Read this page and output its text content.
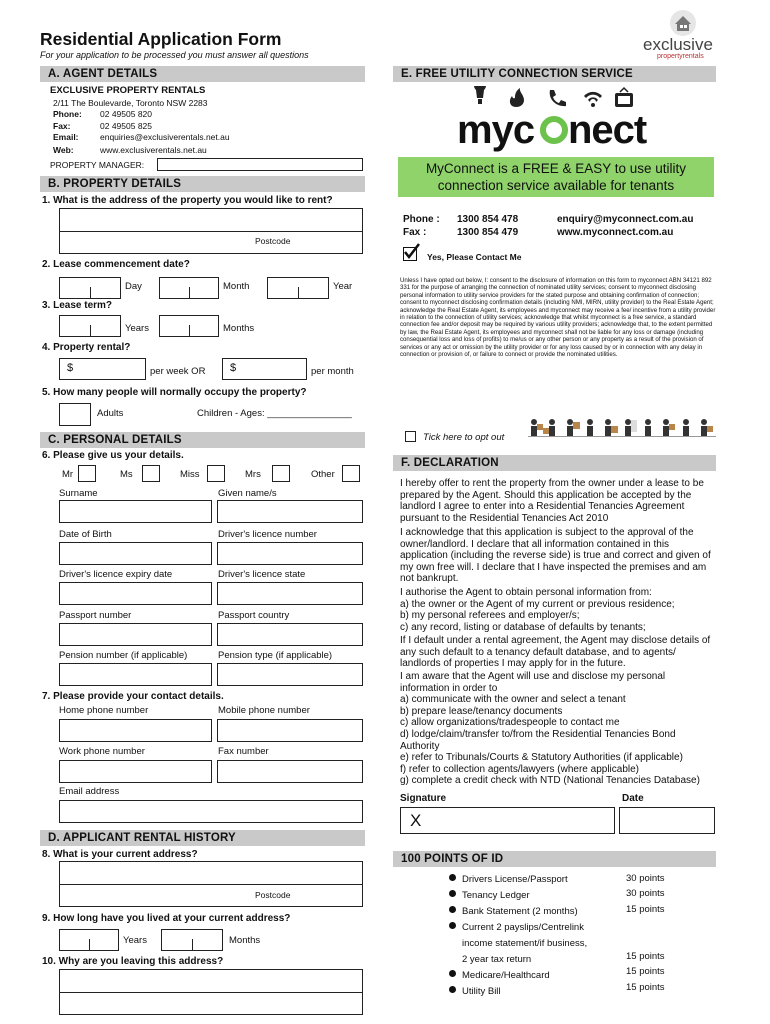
Residential Application Form
For your application to be processed you must answer all questions
exclusive
propertyrentals
A. AGENT DETAILS
EXCLUSIVE PROPERTY RENTALS
2/11 The Boulevarde, Toronto NSW 2283
Phone: 02 49505 820
Fax:	02 49505 825
Email:	enquiries@exclusiverentals.net.au
Web:	www.exclusiverentals.net.au
PROPERTY MANAGER:
B. PROPERTY DETAILS
1. What is the address of the property you would like to rent?
Postcode
2. Lease commencement date?
Day	Month	Year
3. Lease term?
Years	Months
4. Property rental?
$	per week OR $	per month
5. How many people will normally occupy the property?
Adults	Children - Ages: ________________
C. PERSONAL DETAILS
6. Please give us your details.
Mr	Ms	Miss	Mrs	Other
Surname	Given name/s
Date of Birth	Driver's licence number
Driver's licence expiry date	Driver's licence state
Passport number	Passport country
Pension number (if applicable)	Pension type (if applicable)
7. Please provide your contact details.
Home phone number	Mobile phone number
Work phone number	Fax number
Email address
D. APPLICANT RENTAL HISTORY
8. What is your current address?
Postcode
9. How long have you lived at your current address?
Years	Months
10. Why are you leaving this address?
E. FREE UTILITY CONNECTION SERVICE
myc nect
MyConnect is a FREE & EASY to use utility connection service available for tenants
Phone : 1300 854 478	enquiry@myconnect.com.au
Fax :	1300 854 479	www.myconnect.com.au
Yes, Please Contact Me
Unless I have opted out below, I: consent to the disclosure of information on this form to myconnect ABN 34121 892 331 for the purpose of arranging the connection of nominated utility services; consent to myconnect disclosing personal information to utility service providers for the stated purpose and obtaining confirmation of connection; consent to myconnect disclosing confirmation details (including NMI, MIRN, utility provider) to the Real Estate Agent; acknowledge the Real Estate Agent, its employees and myconnect may receive a fee/ incentive from a utility provider in relation to the connection of utility services; acknowledge that whilst myconnect is a free service, a standard connection fee and/or deposit may be required by various utility providers; acknowledge that, to the extent permitted by law, the Real Estate Agent, its employees and myconnect shall not be liable for any loss or damage (including consequential loss and loss of profits) to me/us or any other person or any property as a result of the provision of services or any act or omission by the utility provider or for any loss caused by or in connection with any delay in connection or provision of, or failure to connect or provide the nominated utilities.
Tick here to opt out
F. DECLARATION
I hereby offer to rent the property from the owner under a lease to be prepared by the Agent. Should this application be accepted by the landlord I agree to enter into a Residential Tenancies Agreement pursuant to the Residential Tenancies Act 2010
I acknowledge that this application is subject to the approval of the owner/landlord. I declare that all information contained in this application (including the reverse side) is true and correct and given of my own free will. I declare that I have inspected the premises and am not bankrupt.
I authorise the Agent to obtain personal information from:
a) the owner or the Agent of my current or previous residence;
b) my personal referees and employer/s;
c) any record, listing or database of defaults by tenants;
If I default under a rental agreement, the Agent may disclose details of any such default to a tenancy default database, and to agents/ landlords of properties I may apply for in the future.
I am aware that the Agent will use and disclose my personal information in order to
a) communicate with the owner and select a tenant
b) prepare lease/tenancy documents
c) allow organizations/tradespeople to contact me
d) lodge/claim/transfer to/from the Residential Tenancies Bond
Authority
e) refer to Tribunals/Courts & Statutory Authorities (if applicable)
f) refer to collection agents/lawyers (where applicable)
g) complete a credit check with NTD (National Tenancies Database)
Signature	Date
X
100 POINTS OF ID
Drivers License/Passport	30 points
Tenancy Ledger	30 points
Bank Statement (2 months)	15 points
Current 2 payslips/Centrelink
income statement/if business,
2 year tax return	15 points
Medicare/Healthcard	15 points
Utility Bill	15 points
